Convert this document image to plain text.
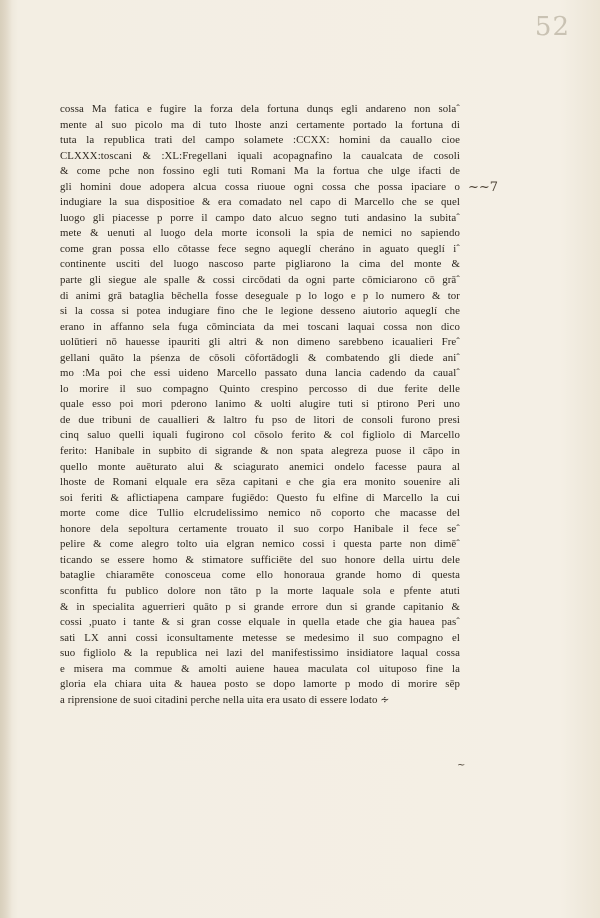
52
~~7
cossa Ma fatica e fugire la forza dela fortuna dunqs egli andareno non solaˆ
mente al suo picolo ma di tuto lhoste anzi certamente portado la fortuna di
tuta la republica trati del campo solamete :CCXX: homini da cauallo cioe
CLXXX:toscani & :XL:Fregellani iquali acopagnafino la caualcata de cosoli
& come pche non fossino egli tuti Romani Ma la fortua che ulge ifacti de
gli homini doue adopera alcua cossa riuoue ogni cossa che possa ipaciare o
indugiare la sua dispositioe & era comadato nel capo di Marcello che se quel
luogo gli piacesse p porre il campo dato alcuo segno tuti andasino la subitaˆ
mete & uenuti al luogo dela morte iconsoli la spia de nemici no sapiendo
come gran possa ello cōtasse fece segno aqueglí cheráno in aguato queglí iˆ
continente usciti del luogo nascoso parte pigliarono la cima del monte &
parte gli siegue ale spalle & cossi circōdati da ogni parte cōmiciarono cō grāˆ
di animi grā bataglia bēchella fosse deseguale p lo logo e p lo numero & tor
si la cossa si potea indugiare fino che le legione desseno aiutorio aqueglí che
erano in affanno sela fuga cōminciata da mei toscani laquai cossa non dico
uolūtieri nō hauesse ipauriti gli altri & non dimeno sarebbeno icaualieri Freˆ
gellani quāto la pśenza de cōsoli cōfortādogli & combatendo gli diede aniˆ
mo :Ma poi che essi uideno Marcello passato duna lancia cadendo da caualˆ
lo morire il suo compagno Quinto crespino percosso di due ferite delle
quale esso poi mori pderono lanimo & uolti alugire tuti si ptirono Peri uno
de due tribuni de cauallieri & laltro fu pso de litori de consoli furono presi
cinq saluo quelli iquali fugirono col cōsolo ferito & col figliolo di Marcello
ferito: Hanibale in supbito di sigrande & non spata alegreza puose il cāpo in
quello monte auēturato alui & sciagurato anemici ondelo facesse paura al
lhoste de Romani elquale era sēza capitani e che gia era monito souenire ali
soi feriti & aflictiapena campare fugiēdo: Questo fu elfine di Marcello la cui
morte come dice Tullio elcrudelissimo nemico nō coporto che macasse del
honore dela sepoltura certamente trouato il suo corpo Hanibale il fece seˆ
pelire & come alegro tolto uia elgran nemico cossi i questa parte non dimēˆ
ticando se essere homo & stimatore sufficiēte del suo honore della uirtu dele
bataglie chiaramēte conosceua come ello honoraua grande homo di questa
sconfitta fu publico dolore non tāto p la morte laquale sola e pfente atuti
& in specialita aguerrieri quāto p si grande errore dun si grande capitanio &
cossi ,puato i tante & si gran cosse elquale in quella etade che gia hauea pasˆ
sati LX anni cossi iconsultamente metesse se medesimo il suo compagno el
suo figliolo & la republica nei lazi del manifestissimo insidiatore laqual cossa
e misera ma commue & amolti auiene hauea maculata col uituposo fine la
gloria ela chiara uita & hauea posto se dopo lamorte p modo di morire sēp
a riprensione de suoi citadini perche nella uita era usato di essere lodato ∻
~
